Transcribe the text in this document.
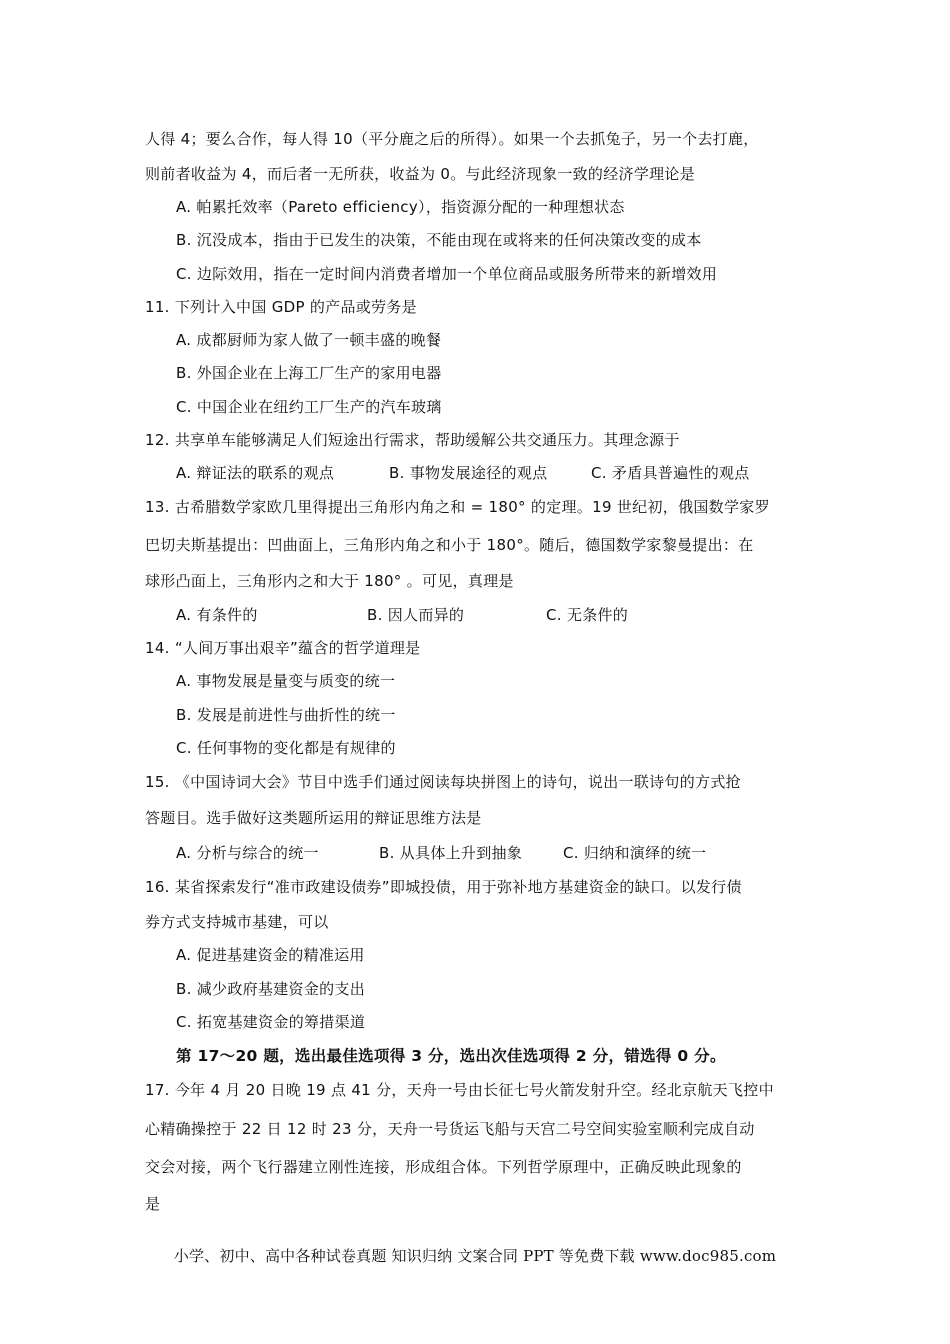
人得 4；要么合作，每人得 10（平分鹿之后的所得）。如果一个去抓兔子，另一个去打鹿，
则前者收益为 4，而后者一无所获，收益为 0。与此经济现象一致的经济学理论是
A. 帕累托效率（Pareto efficiency），指资源分配的一种理想状态
B. 沉没成本，指由于已发生的决策，不能由现在或将来的任何决策改变的成本
C. 边际效用，指在一定时间内消费者增加一个单位商品或服务所带来的新增效用
11. 下列计入中国 GDP 的产品或劳务是
A. 成都厨师为家人做了一顿丰盛的晚餐
B. 外国企业在上海工厂生产的家用电器
C. 中国企业在纽约工厂生产的汽车玻璃
12. 共享单车能够满足人们短途出行需求，帮助缓解公共交通压力。其理念源于
A. 辩证法的联系的观点	B. 事物发展途径的观点	C. 矛盾具普遍性的观点
13. 古希腊数学家欧几里得提出三角形内角之和 = 180° 的定理。19 世纪初，俄国数学家罗
巴切夫斯基提出：凹曲面上，三角形内角之和小于 180°。随后，德国数学家黎曼提出：在
球形凸面上，三角形内之和大于 180° 。可见，真理是
A. 有条件的	B. 因人而异的	C. 无条件的
14. “人间万事出艰辛”蕴含的哲学道理是
A. 事物发展是量变与质变的统一
B. 发展是前进性与曲折性的统一
C. 任何事物的变化都是有规律的
15. 《中国诗词大会》节目中选手们通过阅读每块拼图上的诗句，说出一联诗句的方式抢
答题目。选手做好这类题所运用的辩证思维方法是
A. 分析与综合的统一	B. 从具体上升到抽象	C. 归纳和演绎的统一
16. 某省探索发行“准市政建设债券”即城投债，用于弥补地方基建资金的缺口。以发行债
券方式支持城市基建，可以
A. 促进基建资金的精准运用
B. 减少政府基建资金的支出
C. 拓宽基建资金的筹措渠道
第 17～20 题，选出最佳选项得 3 分，选出次佳选项得 2 分，错选得 0 分。
17. 今年 4 月 20 日晚 19 点 41 分，天舟一号由长征七号火箭发射升空。经北京航天飞控中
心精确操控于 22 日 12 时 23 分，天舟一号货运飞船与天宫二号空间实验室顺利完成自动
交会对接，两个飞行器建立刚性连接，形成组合体。下列哲学原理中，正确反映此现象的
是
小学、初中、高中各种试卷真题 知识归纳 文案合同 PPT 等免费下载 www.doc985.com
